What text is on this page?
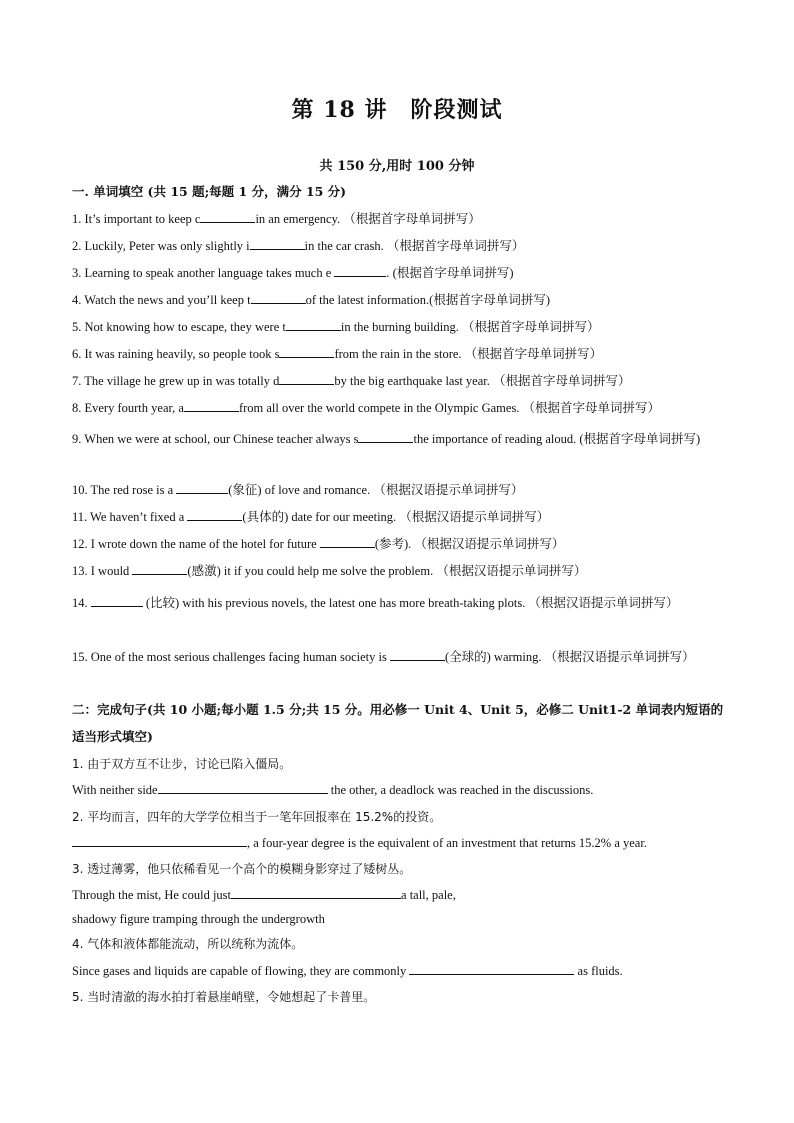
第 18 讲　阶段测试
共 150 分,用时 100 分钟
一. 单词填空 (共 15 题;每题 1 分，满分 15 分)
1. It’s important to keep c	in an emergency. （根据首字母单词拼写）
2. Luckily, Peter was only slightly i	in the car crash. （根据首字母单词拼写）
3. Learning to speak another language takes much e	. (根据首字母单词拼写)
4. Watch the news and you’ll keep t	of the latest information.(根据首字母单词拼写)
5. Not knowing how to escape, they were t	in the burning building. （根据首字母单词拼写）
6. It was raining heavily, so people took s	from the rain in the store. （根据首字母单词拼写）
7. The village he grew up in was totally d	by the big earthquake last year. （根据首字母单词拼写）
8. Every fourth year, a	from all over the world compete in the Olympic Games. （根据首字母单词拼写）
9. When we were at school, our Chinese teacher always s	the importance of reading aloud. (根据首字母单词拼写)
10. The red rose is a	(象征) of love and romance. （根据汉语提示单词拼写）
11. We haven’t fixed a	(具体的) date for our meeting. （根据汉语提示单词拼写）
12. I wrote down the name of the hotel for future	(参考). （根据汉语提示单词拼写）
13. I would	(感激) it if you could help me solve the problem. （根据汉语提示单词拼写）
14.	(比较) with his previous novels, the latest one has more breath-taking plots. （根据汉语提示单词拼写）
15. One of the most serious challenges facing human society is	(全球的) warming. （根据汉语提示单词拼写）
二：完成句子(共 10 小题;每小题 1.5 分;共 15 分。用必修一 Unit 4、Unit 5，必修二 Unit1-2 单词表内短语的适当形式填空)
1. 由于双方互不让步，讨论已陷入僵局。
With neither side	the other, a deadlock was reached in the discussions.
2. 平均而言，四年的大学学位相当于一笔年回报率在 15.2%的投资。
, a four-year degree is the equivalent of an investment that returns 15.2% a year.
3. 透过薄雾，他只依稀看见一个高个的模糊身影穿过了矮树丛。
Through the mist, He could just	a tall, pale,
shadowy figure tramping through the undergrowth
4. 气体和液体都能流动，所以统称为流体。
Since gases and liquids are capable of flowing, they are commonly	as fluids.
5. 当时清澈的海水拍打着悬崖峭壁，令她想起了卡普里。
